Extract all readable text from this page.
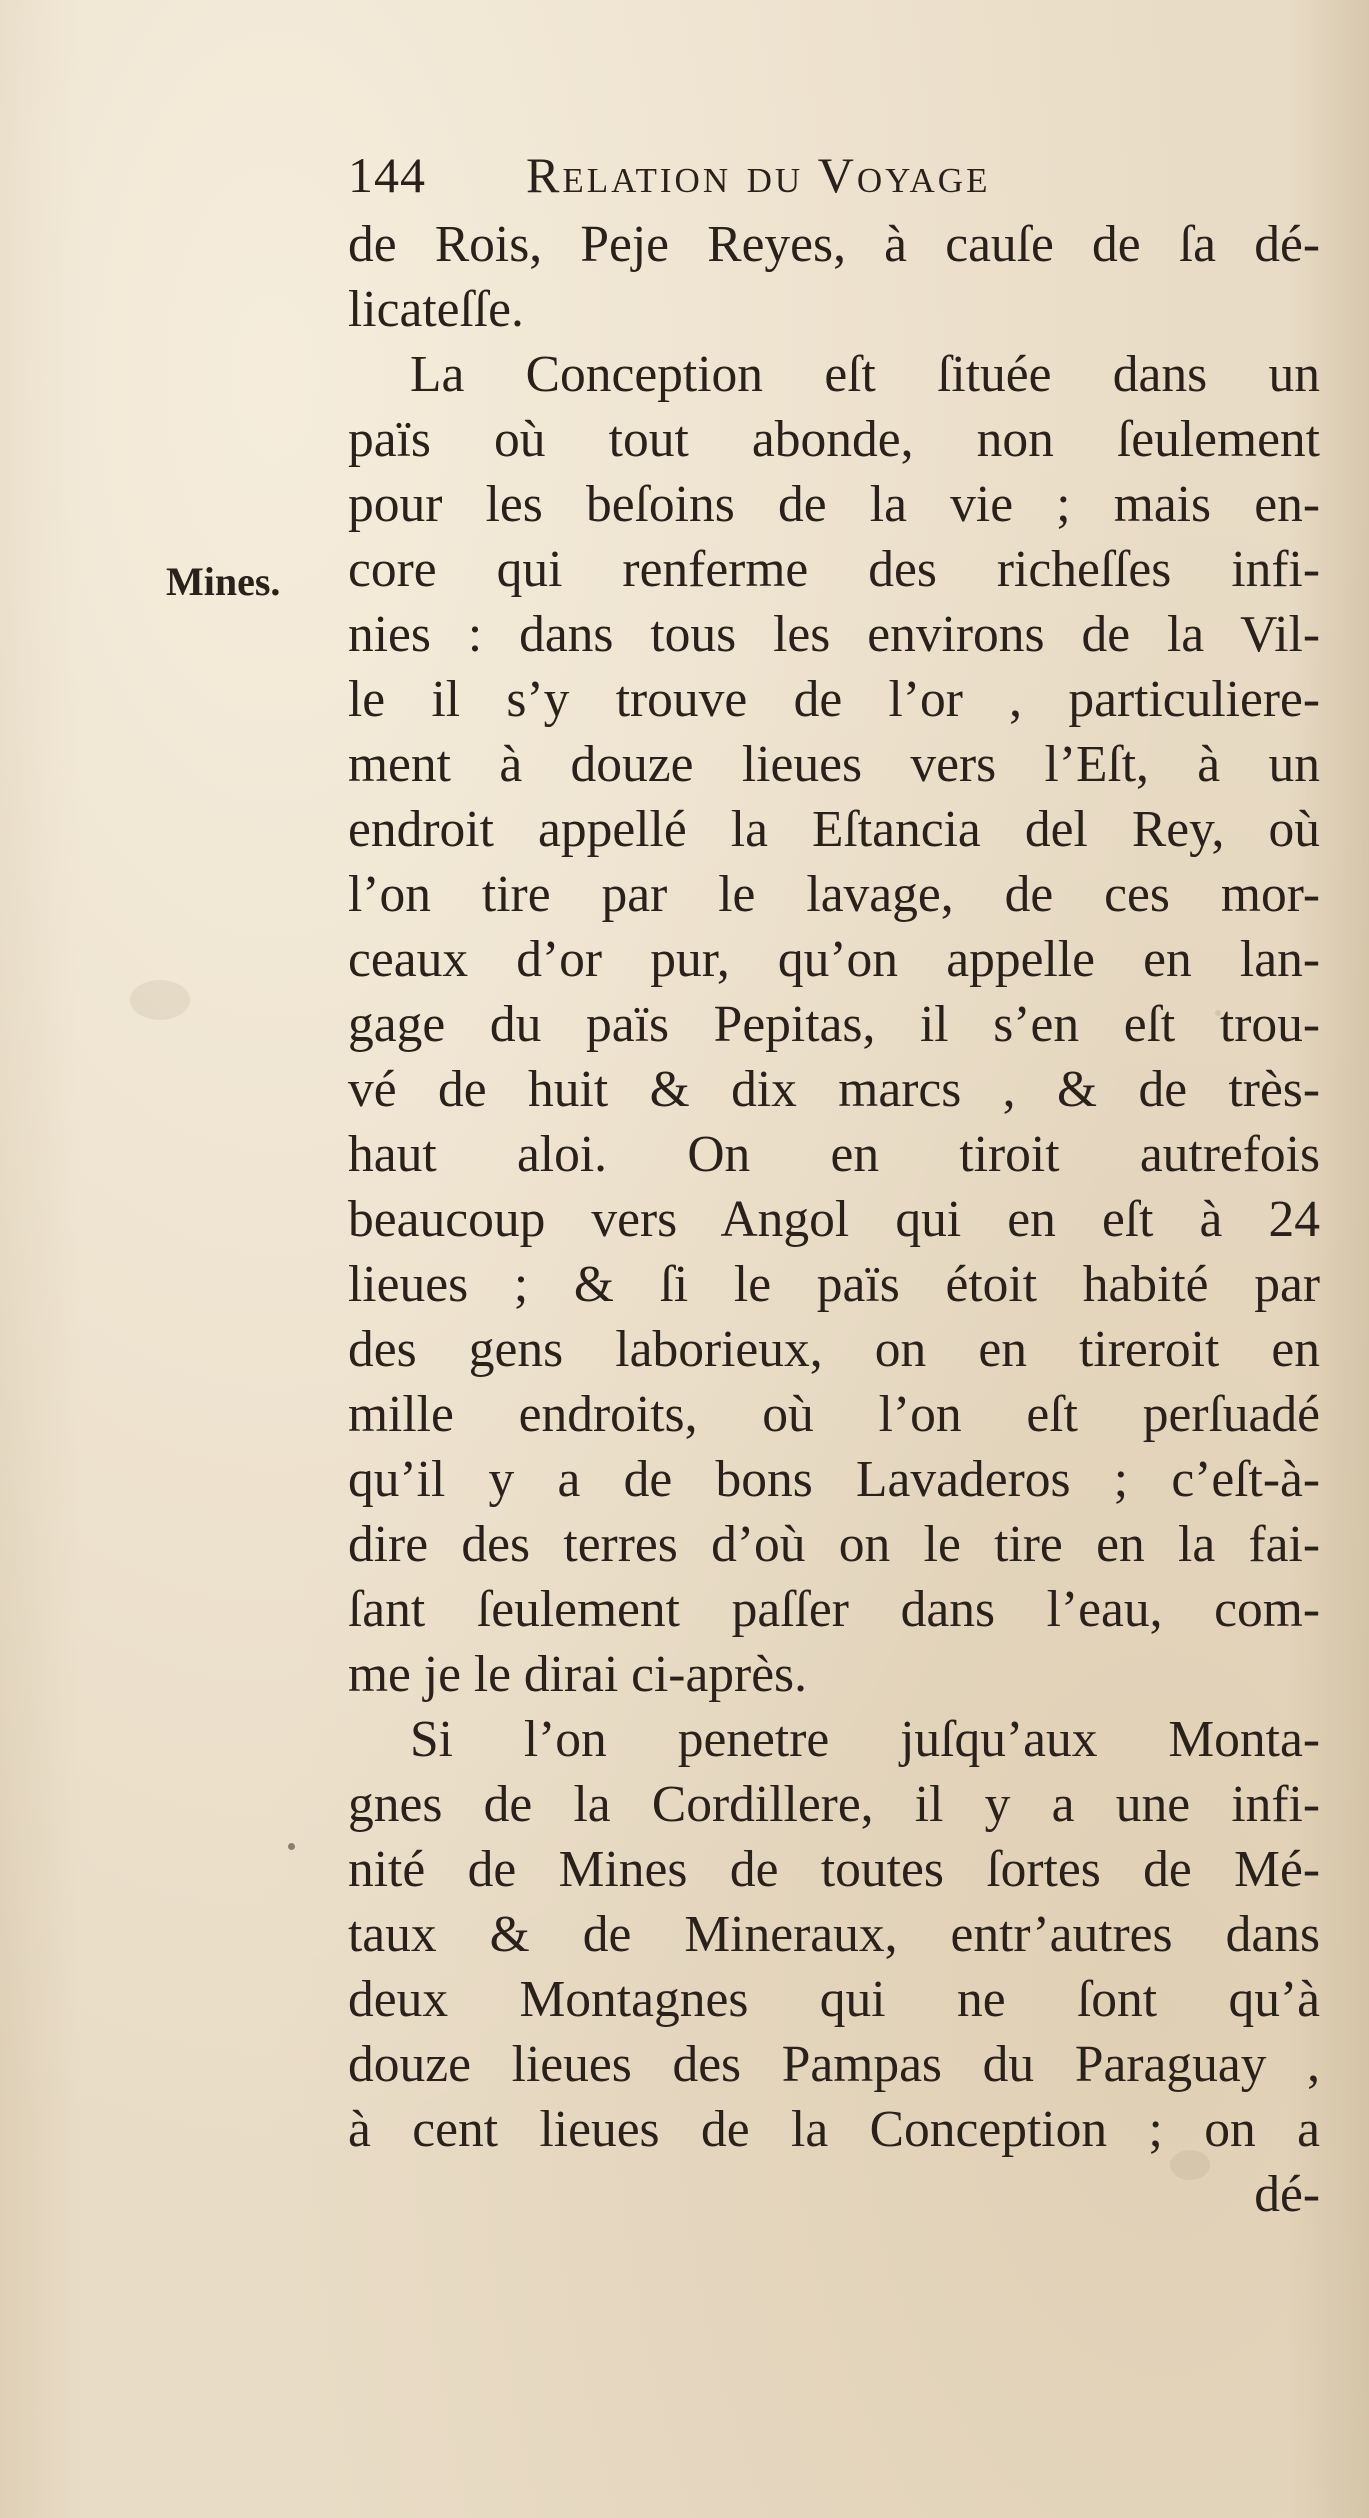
144 Relation du Voyage
Mines.
de Rois, Peje Reyes, à cauſe de ſa dé-
licateſſe.
La Conception eſt ſituée dans un
païs où tout abonde, non ſeulement
pour les beſoins de la vie ; mais en-
core qui renferme des richeſſes infi-
nies : dans tous les environs de la Vil-
le il s’y trouve de l’or , particuliere-
ment à douze lieues vers l’Eſt, à un
endroit appellé la Eſtancia del Rey, où
l’on tire par le lavage, de ces mor-
ceaux d’or pur, qu’on appelle en lan-
gage du païs Pepitas, il s’en eſt trou-
vé de huit & dix marcs , & de très-
haut aloi. On en tiroit autrefois
beaucoup vers Angol qui en eſt à 24
lieues ; & ſi le païs étoit habité par
des gens laborieux, on en tireroit en
mille endroits, où l’on eſt perſuadé
qu’il y a de bons Lavaderos ; c’eſt-à-
dire des terres d’où on le tire en la fai-
ſant ſeulement paſſer dans l’eau, com-
me je le dirai ci-après.
Si l’on penetre juſqu’aux Monta-
gnes de la Cordillere, il y a une infi-
nité de Mines de toutes ſortes de Mé-
taux & de Mineraux, entr’autres dans
deux Montagnes qui ne ſont qu’à
douze lieues des Pampas du Paraguay ,
à cent lieues de la Conception ; on a
dé-
